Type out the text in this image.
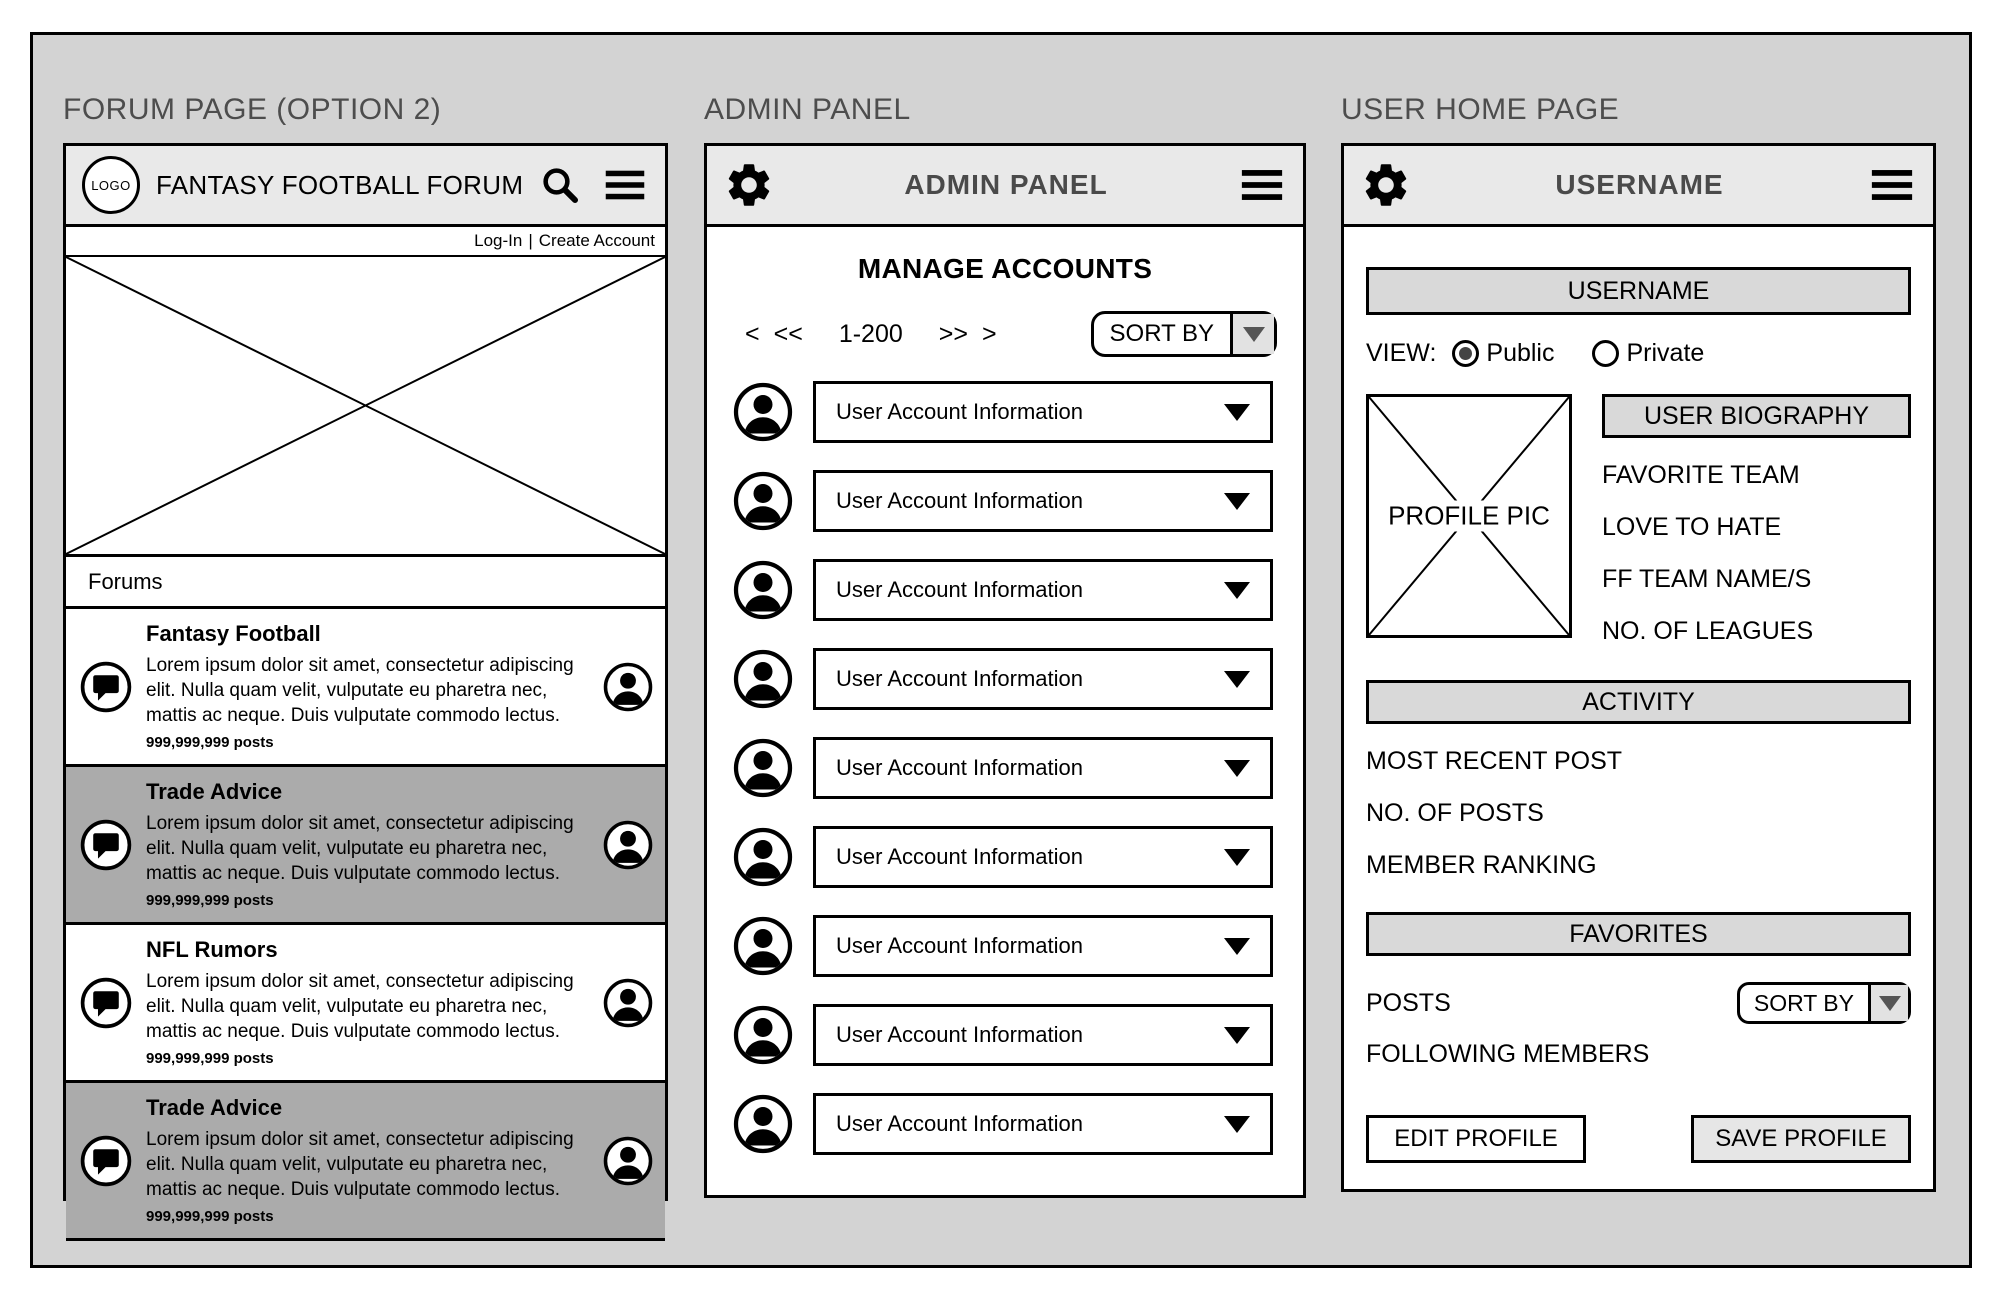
FORUM PAGE (OPTION 2)	ADMIN PANEL	USER HOME PAGE
LOGO FANTASY FOOTBALL FORUM
Log-In | Create Account
Forums
Fantasy Football
Lorem ipsum dolor sit amet, consectetur adipiscing elit. Nulla quam velit, vulputate eu pharetra nec, mattis ac neque. Duis vulputate commodo lectus.
999,999,999 posts
Trade Advice
Lorem ipsum dolor sit amet, consectetur adipiscing elit. Nulla quam velit, vulputate eu pharetra nec, mattis ac neque. Duis vulputate commodo lectus.
999,999,999 posts
NFL Rumors
Lorem ipsum dolor sit amet, consectetur adipiscing elit. Nulla quam velit, vulputate eu pharetra nec, mattis ac neque. Duis vulputate commodo lectus.
999,999,999 posts
Trade Advice
Lorem ipsum dolor sit amet, consectetur adipiscing elit. Nulla quam velit, vulputate eu pharetra nec, mattis ac neque. Duis vulputate commodo lectus.
999,999,999 posts
ADMIN PANEL
MANAGE ACCOUNTS
< << 1-200 >> >	SORT BY
User Account Information
User Account Information
User Account Information
User Account Information
User Account Information
User Account Information
User Account Information
User Account Information
User Account Information
USERNAME
USERNAME
VIEW: Public	Private
PROFILE PIC
USER BIOGRAPHY
FAVORITE TEAM
LOVE TO HATE
FF TEAM NAME/S
NO. OF LEAGUES
ACTIVITY
MOST RECENT POST
NO. OF POSTS
MEMBER RANKING
FAVORITES
POSTS	SORT BY
FOLLOWING MEMBERS
EDIT PROFILE	SAVE PROFILE
